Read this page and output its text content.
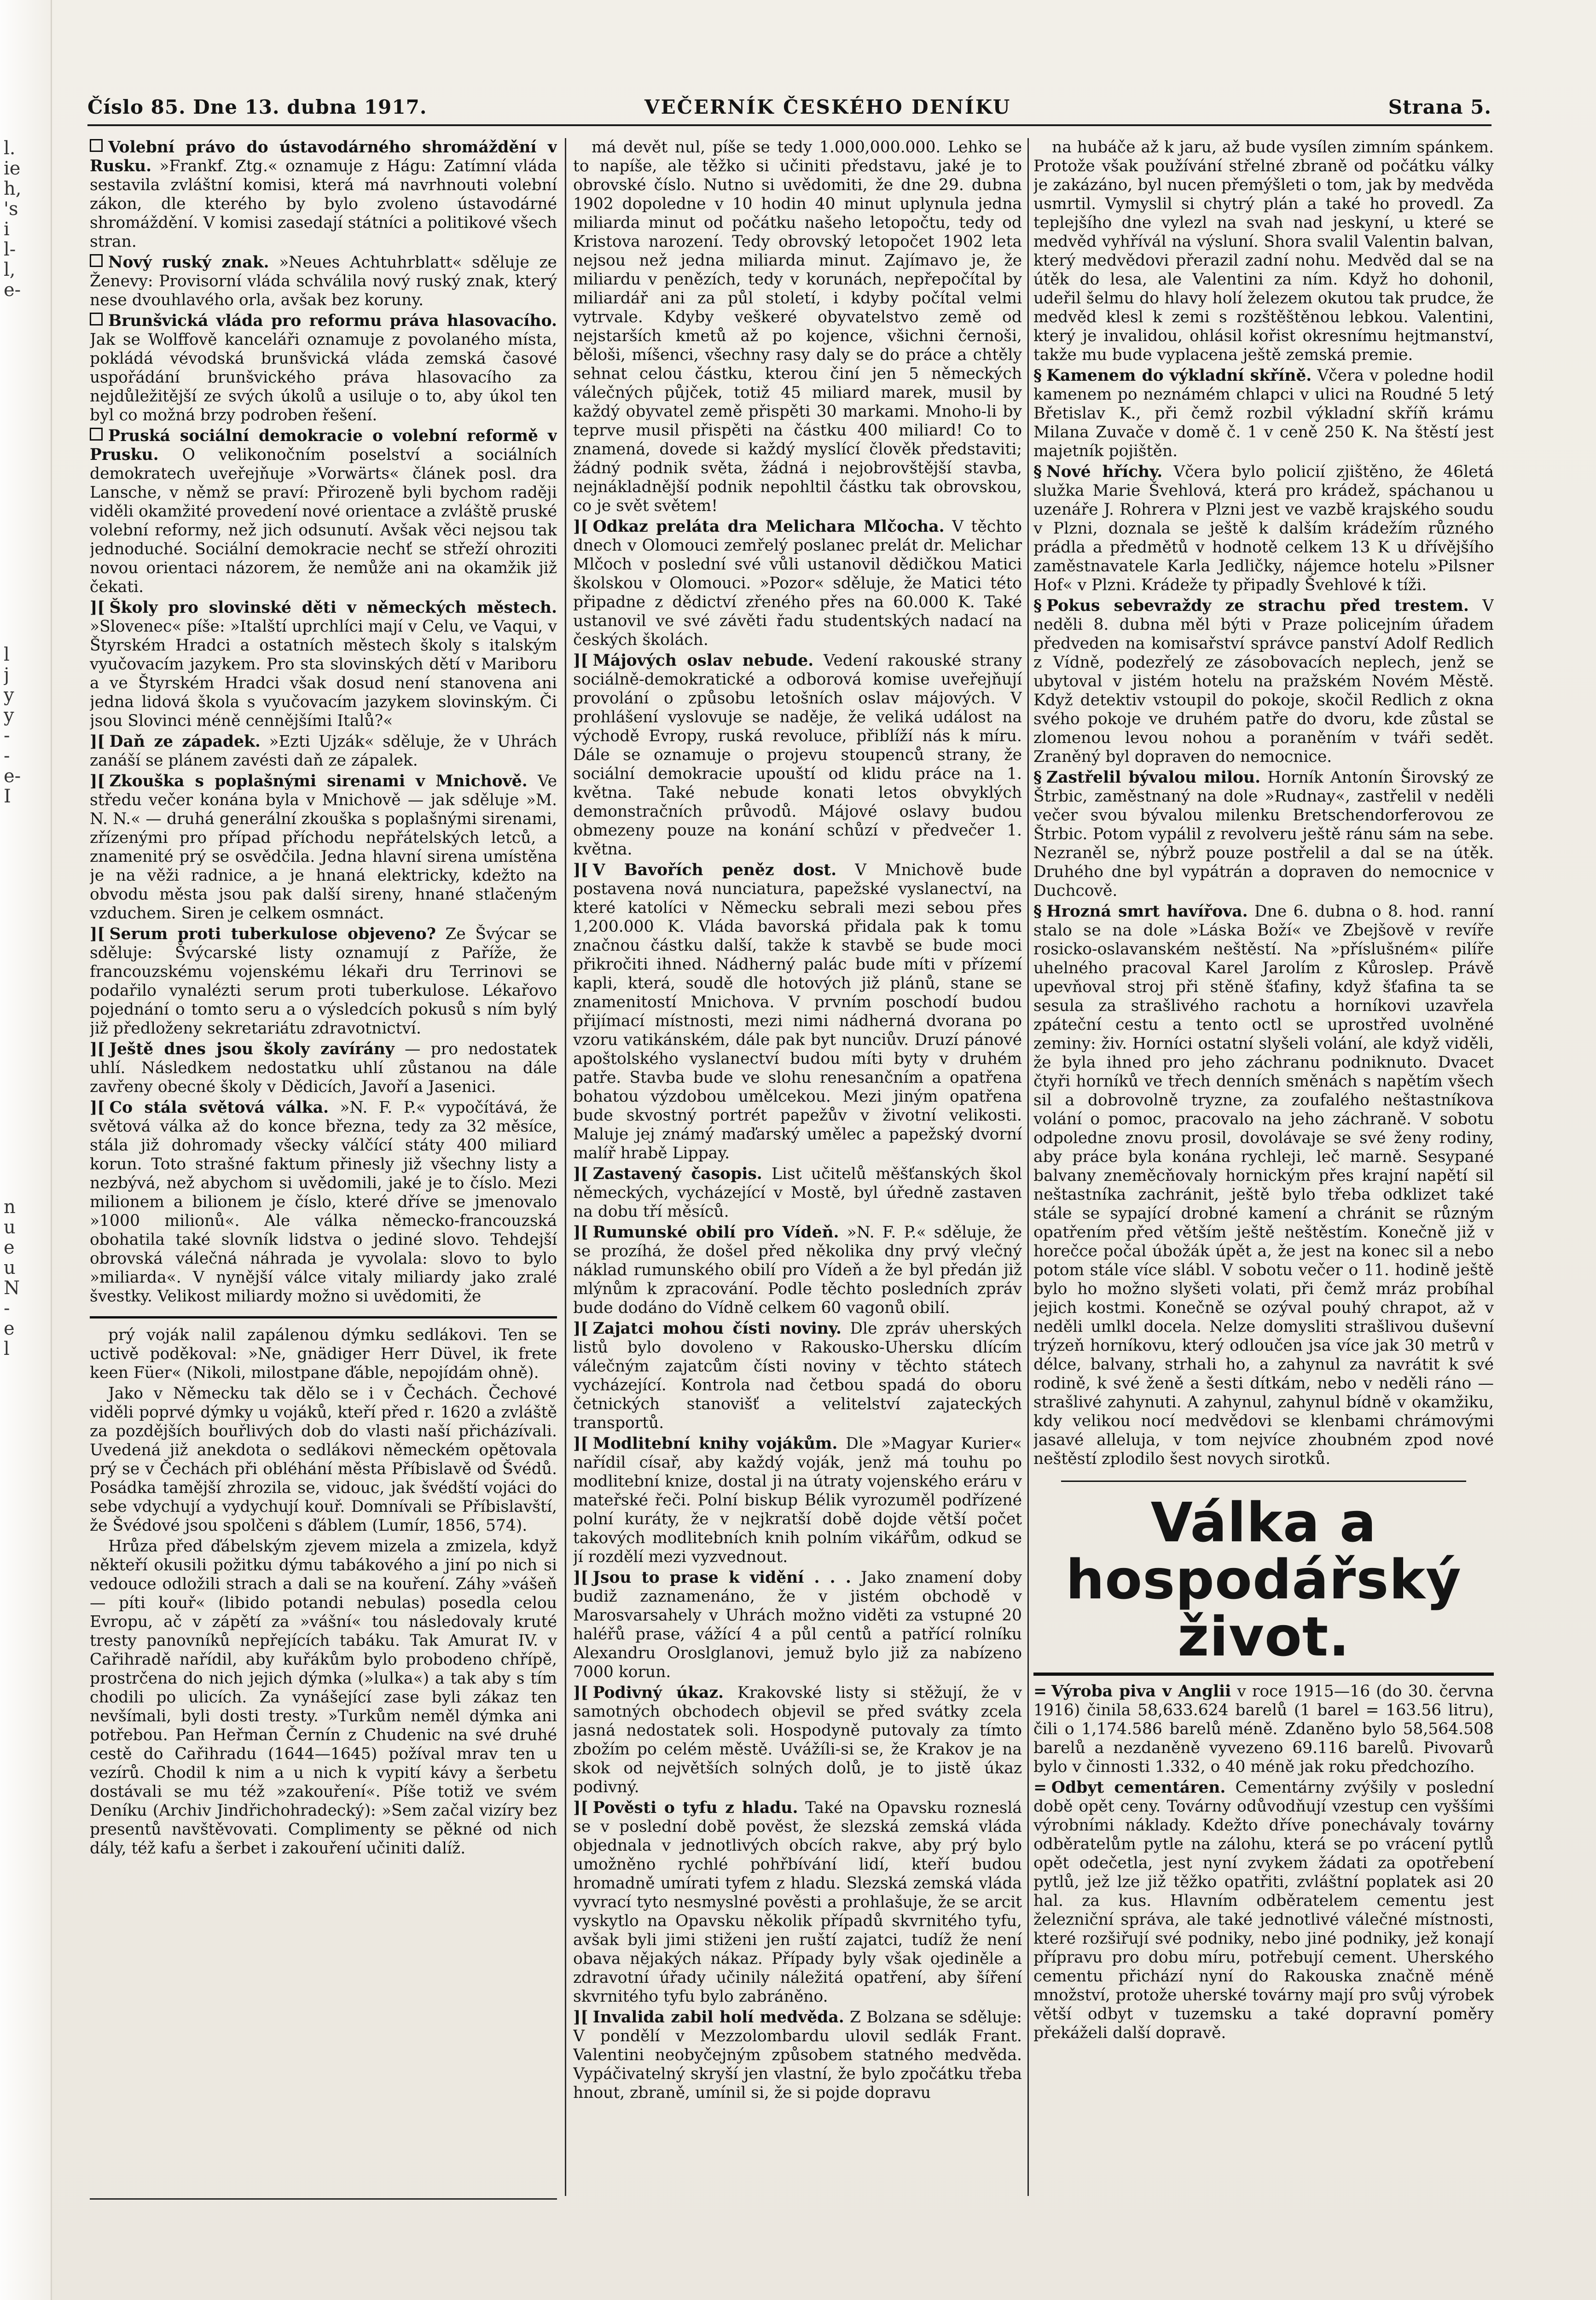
l.
ie
h,
's
i
l-
l,
e-
l
j
y
y
-
-
e-
I
n
u
e
u
N
-
e
l
Číslo 85. Dne 13. dubna 1917.	VEČERNÍK ČESKÉHO DENÍKU	Strana 5.

Volební právo do ústavodárného shromáždění v Rusku. »Frankf. Ztg.« oznamuje z Hágu: Zatímní vláda sestavila zvláštní komisi, která má navrhnouti volební zákon, dle kterého by bylo zvoleno ústavodárné shromáždění. V komisi zasedají státníci a politikové všech stran.

Nový ruský znak. »Neues Achtuhrblatt« sděluje ze Ženevy: Provisorní vláda schválila nový ruský znak, který nese dvouhlavého orla, avšak bez koruny.

Brunšvická vláda pro reformu práva hlasovacího. Jak se Wolffově kanceláři oznamuje z povolaného místa, pokládá vévodská brunšvická vláda zemská časové uspořádání brunšvického práva hlasovacího za nejdůležitější ze svých úkolů a usiluje o to, aby úkol ten byl co možná brzy podroben řešení.

Pruská sociální demokracie o volební reformě v Prusku. O velikonočním poselství a sociálních demokratech uveřejňuje »Vorwärts« článek posl. dra Lansche, v němž se praví: Přirozeně byli bychom raději viděli okamžité provedení nové orientace a zvláště pruské volební reformy, než jich odsunutí. Avšak věci nejsou tak jednoduché. Sociální demokracie nechť se střeží ohroziti novou orientaci názorem, že nemůže ani na okamžik již čekati.

][ Školy pro slovinské děti v německých městech. »Slovenec« píše: »Italští uprchlíci mají v Celu, ve Vaqui, v Štyrském Hradci a ostatních městech školy s italským vyučovacím jazykem. Pro sta slovinských dětí v Mariboru a ve Štyrském Hradci však dosud není stanovena ani jedna lidová škola s vyučovacím jazykem slovinským. Či jsou Slovinci méně cennějšími Italů?«

][ Daň ze západek. »Ezti Ujzák« sděluje, že v Uhrách zanáší se plánem zavésti daň ze zápalek.

][ Zkouška s poplašnými sirenami v Mnichově. Ve středu večer konána byla v Mnichově — jak sděluje »M. N. N.« — druhá generální zkouška s poplašnými sirenami, zřízenými pro případ příchodu nepřátelských letců, a znamenité prý se osvědčila. Jedna hlavní sirena umístěna je na věži radnice, a je hnaná elektricky, kdežto na obvodu města jsou pak další sireny, hnané stlačeným vzduchem. Siren je celkem osmnáct.

][ Serum proti tuberkulose objeveno? Ze Švýcar se sděluje: Švýcarské listy oznamují z Paříže, že francouzskému vojenskému lékaři dru Terrinovi se podařilo vynalézti serum proti tuberkulose. Lékařovo pojednání o tomto seru a o výsledcích pokusů s ním bylý již předloženy sekretariátu zdravotnictví.

][ Ještě dnes jsou školy zavírány — pro nedostatek uhlí. Následkem nedostatku uhlí zůstanou na dále zavřeny obecné školy v Dědicích, Javoří a Jasenici.

][ Co stála světová válka. »N. F. P.« vypočítává, že světová válka až do konce března, tedy za 32 měsíce, stála již dohromady všecky válčící státy 400 miliard korun. Toto strašné faktum přinesly již všechny listy a nezbývá, než abychom si uvědomili, jaké je to číslo. Mezi milionem a bilionem je číslo, které dříve se jmenovalo »1000 milionů«. Ale válka německo-francouzská obohatila také slovník lidstva o jediné slovo. Tehdejší obrovská válečná náhrada je vyvolala: slovo to bylo »miliarda«. V nynější válce vitaly miliardy jako zralé švestky. Velikost miliardy možno si uvědomiti, že

prý voják nalil zapálenou dýmku sedlákovi. Ten se uctivě poděkoval: »Ne, gnädiger Herr Düvel, ik frete keen Füer« (Nikoli, milostpane ďáble, nepojídám ohně).

Jako v Německu tak dělo se i v Čechách. Čechové viděli poprvé dýmky u vojáků, kteří před r. 1620 a zvláště za pozdějších bouřlivých dob do vlasti naší přicházívali. Uvedená již anekdota o sedlákovi německém opětovala prý se v Čechách při obléhání města Příbislavě od Švédů. Posádka tamější zhrozila se, vidouc, jak švédští vojáci do sebe vdychují a vydychují kouř. Domnívali se Příbislavští, že Švédové jsou spolčeni s ďáblem (Lumír, 1856, 574).

Hrůza před ďábelským zjevem mizela a zmizela, když někteří okusili požitku dýmu tabákového a jiní po nich si vedouce odložili strach a dali se na kouření. Záhy »vášeň — píti kouř« (libido potandi nebulas) posedla celou Evropu, ač v zápětí za »vášní« tou následovaly kruté tresty panovníků nepřejících tabáku. Tak Amurat IV. v Cařihradě nařídil, aby kuřákům bylo probodeno chřípě, prostrčena do nich jejich dýmka (»lulka«) a tak aby s tím chodili po ulicích. Za vynášející zase byli zákaz ten nevšímali, byli dosti tresty. »Turkům neměl dýmka ani potřebou. Pan Heřman Černín z Chudenic na své druhé cestě do Cařihradu (1644—1645) požíval mrav ten u vezírů. Chodil k nim a u nich k vypití kávy a šerbetu dostávali se mu též »zakouření«. Píše totiž ve svém Deníku (Archiv Jindřichohradecký): »Sem začal vizíry bez presentů navštěvovati. Complimenty se pěkné od nich dály, též kafu a šerbet i zakouření učiniti dalíž.

má devět nul, píše se tedy 1.000,000.000. Lehko se to napíše, ale těžko si učiniti představu, jaké je to obrovské číslo. Nutno si uvědomiti, že dne 29. dubna 1902 dopoledne v 10 hodin 40 minut uplynula jedna miliarda minut od počátku našeho letopočtu, tedy od Kristova narození. Tedy obrovský letopočet 1902 leta nejsou než jedna miliarda minut. Zajímavo je, že miliardu v penězích, tedy v korunách, nepřepočítal by miliardář ani za půl století, i kdyby počítal velmi vytrvale. Kdyby veškeré obyvatelstvo země od nejstarších kmetů až po kojence, všichni černoši, běloši, míšenci, všechny rasy daly se do práce a chtěly sehnat celou částku, kterou činí jen 5 německých válečných půjček, totiž 45 miliard marek, musil by každý obyvatel země přispěti 30 markami. Mnoho-li by teprve musil přispěti na částku 400 miliard! Co to znamená, dovede si každý myslící člověk představiti; žádný podnik světa, žádná i nejobrovštější stavba, nejnákladnější podnik nepohltil částku tak obrovskou, co je svět světem!

][ Odkaz preláta dra Melichara Mlčocha. V těchto dnech v Olomouci zemřelý poslanec prelát dr. Melichar Mlčoch v poslední své vůli ustanovil dědičkou Matici školskou v Olomouci. »Pozor« sděluje, že Matici této připadne z dědictví zřeného přes na 60.000 K. Také ustanovil ve své závěti řadu studentských nadací na českých školách.

][ Májových oslav nebude. Vedení rakouské strany sociálně-demokratické a odborová komise uveřejňují provolání o způsobu letošních oslav májových. V prohlášení vyslovuje se naděje, že veliká událost na východě Evropy, ruská revoluce, přiblíží nás k míru. Dále se oznamuje o projevu stoupenců strany, že sociální demokracie upouští od klidu práce na 1. května. Také nebude konati letos obvyklých demonstračních průvodů. Májové oslavy budou obmezeny pouze na konání schůzí v předvečer 1. května.

][ V Bavořích peněz dost. V Mnichově bude postavena nová nunciatura, papežské vyslanectví, na které katolíci v Německu sebrali mezi sebou přes 1,200.000 K. Vláda bavorská přidala pak k tomu značnou částku další, takže k stavbě se bude moci přikročiti ihned. Nádherný palác bude míti v přízemí kapli, která, soudě dle hotových již plánů, stane se znamenitostí Mnichova. V prvním poschodí budou přijímací místnosti, mezi nimi nádherná dvorana po vzoru vatikánském, dále pak byt nunciův. Druzí pánové apoštolského vyslanectví budou míti byty v druhém patře. Stavba bude ve slohu renesančním a opatřena bohatou výzdobou umělcekou. Mezi jiným opatřena bude skvostný portrét papežův v životní velikosti. Maluje jej známý maďarský umělec a papežský dvorní malíř hrabě Lippay.

][ Zastavený časopis. List učitelů měšťanských škol německých, vycházející v Mostě, byl úředně zastaven na dobu tří měsíců.

][ Rumunské obilí pro Vídeň. »N. F. P.« sděluje, že se prozíhá, že došel před několika dny prvý vlečný náklad rumunského obilí pro Vídeň a že byl předán již mlýnům k zpracování. Podle těchto posledních zpráv bude dodáno do Vídně celkem 60 vagonů obilí.

][ Zajatci mohou čísti noviny. Dle zpráv uherských listů bylo dovoleno v Rakousko-Uhersku dlícím válečným zajatcům čísti noviny v těchto státech vycházející. Kontrola nad četbou spadá do oboru četnických stanovišť a velitelství zajateckých transportů.

][ Modlitební knihy vojákům. Dle »Magyar Kurier« nařídil císař, aby každý voják, jenž má touhu po modlitební knize, dostal ji na útraty vojenského eráru v mateřské řeči. Polní biskup Bélik vyrozuměl podřízené polní kuráty, že v nejkratší době dojde větší počet takových modlitebních knih polním vikářům, odkud se jí rozdělí mezi vyzvednout.

][ Jsou to prase k vidění . . . Jako znamení doby budiž zaznamenáno, že v jistém obchodě v Marosvarsahely v Uhrách možno viděti za vstupné 20 haléřů prase, vážící 4 a půl centů a patřící rolníku Alexandru Oroslglanovi, jemuž bylo již za nabízeno 7000 korun.

][ Podivný úkaz. Krakovské listy si stěžují, že v samotných obchodech objevil se před svátky zcela jasná nedostatek soli. Hospodyně putovaly za tímto zbožím po celém městě. Uvážíli-si se, že Krakov je na skok od největších solných dolů, je to jistě úkaz podivný.

][ Pověsti o tyfu z hladu. Také na Opavsku rozneslá se v poslední době pověst, že slezská zemská vláda objednala v jednotlivých obcích rakve, aby prý bylo umožněno rychlé pohřbívání lidí, kteří budou hromadně umírati tyfem z hladu. Slezská zemská vláda vyvrací tyto nesmyslné pověsti a prohlašuje, že se arcit vyskytlo na Opavsku několik případů skvrnitého tyfu, avšak byli jimi stiženi jen ruští zajatci, tudíž že není obava nějakých nákaz. Případy byly však ojediněle a zdravotní úřady učinily náležitá opatření, aby šíření skvrnitého tyfu bylo zabráněno.

][ Invalida zabil holí medvěda. Z Bolzana se sděluje: V pondělí v Mezzolombardu ulovil sedlák Frant. Valentini neobyčejným způsobem statného medvěda. Vypáčivatelný skryší jen vlastní, že bylo zpočátku třeba hnout, zbraně, umínil si, že si pojde dopravu

na hubáče až k jaru, až bude vysílen zimním spánkem. Protože však používání střelné zbraně od počátku války je zakázáno, byl nucen přemýšleti o tom, jak by medvěda usmrtil. Vymyslil si chytrý plán a také ho provedl. Za teplejšího dne vylezl na svah nad jeskyní, u které se medvěd vyhřívál na výsluní. Shora svalil Valentin balvan, který medvědovi přerazil zadní nohu. Medvěd dal se na útěk do lesa, ale Valentini za ním. Když ho dohonil, udeřil šelmu do hlavy holí železem okutou tak prudce, že medvěd klesl k zemi s rozštěštěnou lebkou. Valentini, který je invalidou, ohlásil kořist okresnímu hejtmanství, takže mu bude vyplacena ještě zemská premie.

§ Kamenem do výkladní skříně. Včera v poledne hodil kamenem po neznámém chlapci v ulici na Roudné 5 letý Břetislav K., při čemž rozbil výkladní skříň krámu Milana Zuvače v domě č. 1 v ceně 250 K. Na štěstí jest majetník pojištěn.

§ Nové hříchy. Včera bylo policií zjištěno, že 46letá služka Marie Švehlová, která pro krádež, spáchanou u uzenáře J. Rohrera v Plzni jest ve vazbě krajského soudu v Plzni, doznala se ještě k dalším krádežím různého prádla a předmětů v hodnotě celkem 13 K u dřívějšího zaměstnavatele Karla Jedličky, nájemce hotelu »Pilsner Hof« v Plzni. Krádeže ty připadly Švehlové k tíži.

§ Pokus sebevraždy ze strachu před trestem. V neděli 8. dubna měl býti v Praze policejním úřadem předveden na komisařství správce panství Adolf Redlich z Vídně, podezřelý ze zásobovacích neplech, jenž se ubytoval v jistém hotelu na pražském Novém Městě. Když detektiv vstoupil do pokoje, skočil Redlich z okna svého pokoje ve druhém patře do dvoru, kde zůstal se zlomenou levou nohou a poraněním v tváři sedět. Zraněný byl dopraven do nemocnice.

§ Zastřelil bývalou milou. Horník Antonín Širovský ze Štrbic, zaměstnaný na dole »Rudnay«, zastřelil v neděli večer svou bývalou milenku Bretschendorferovou ze Štrbic. Potom vypálil z revolveru ještě ránu sám na sebe. Nezraněl se, nýbrž pouze postřelil a dal se na útěk. Druhého dne byl vypátrán a dopraven do nemocnice v Duchcově.

§ Hrozná smrt havířova. Dne 6. dubna o 8. hod. ranní stalo se na dole »Láska Boží« ve Zbejšově v revíře rosicko-oslavanském neštěstí. Na »příslušném« pilíře uhelného pracoval Karel Jarolím z Kůroslep. Právě upevňoval stroj při stěně šťafiny, když šťafina ta se sesula za strašlivého rachotu a horníkovi uzavřela zpáteční cestu a tento octl se uprostřed uvolněné zeminy: živ. Horníci ostatní slyšeli volání, ale když viděli, že byla ihned pro jeho záchranu podniknuto. Dvacet čtyři horníků ve třech denních směnách s napětím všech sil a dobrovolně tryzne, za zoufalého neštastníkova volání o pomoc, pracovalo na jeho záchraně. V sobotu odpoledne znovu prosil, dovolávaje se své ženy rodiny, aby práce byla konána rychleji, leč marně. Sesypané balvany zneměcňovaly hornickým přes krajní napětí sil neštastníka zachránit, ještě bylo třeba odklizet také stále se sypající drobné kamení a chránit se různým opatřením před větším ještě neštěstím. Konečně již v horečce počal úbožák úpět a, že jest na konec sil a nebo potom stále více slábl. V sobotu večer o 11. hodině ještě bylo ho možno slyšeti volati, při čemž mráz probíhal jejich kostmi. Konečně se ozýval pouhý chrapot, až v neděli umlkl docela. Nelze domysliti strašlivou duševní trýzeň horníkovu, který odloučen jsa více jak 30 metrů v délce, balvany, strhali ho, a zahynul za navrátit k své rodině, k své ženě a šesti dítkám, nebo v neděli ráno — strašlivé zahynuti. A zahynul, zahynul bídně v okamžiku, kdy velikou nocí medvědovi se klenbami chrámovými jasavé alleluja, v tom nejvíce zhoubném zpod nové neštěstí zplodilo šest novych sirotků.

Válka a hospodářský život.

= Výroba piva v Anglii v roce 1915—16 (do 30. června 1916) činila 58,633.624 barelů (1 barel = 163.56 litru), čili o 1,174.586 barelů méně. Zdaněno bylo 58,564.508 barelů a nezdaněně vyvezeno 69.116 barelů. Pivovarů bylo v činnosti 1.332, o 40 méně jak roku předchozího.

= Odbyt cementáren. Cementárny zvýšily v poslední době opět ceny. Továrny odůvodňují vzestup cen vyššími výrobními náklady. Kdežto dříve ponechávaly továrny odběratelům pytle na zálohu, která se po vrácení pytlů opět odečetla, jest nyní zvykem žádati za opotřebení pytlů, jež lze již těžko opatřiti, zvláštní poplatek asi 20 hal. za kus. Hlavním odběratelem cementu jest železniční správa, ale také jednotlivé válečné místnosti, které rozšiřují své podniky, nebo jiné podniky, jež konají přípravu pro dobu míru, potřebují cement. Uherského cementu přichází nyní do Rakouska značně méně množství, protože uherské továrny mají pro svůj výrobek větší odbyt v tuzemsku a také dopravní poměry překáželi další dopravě.
